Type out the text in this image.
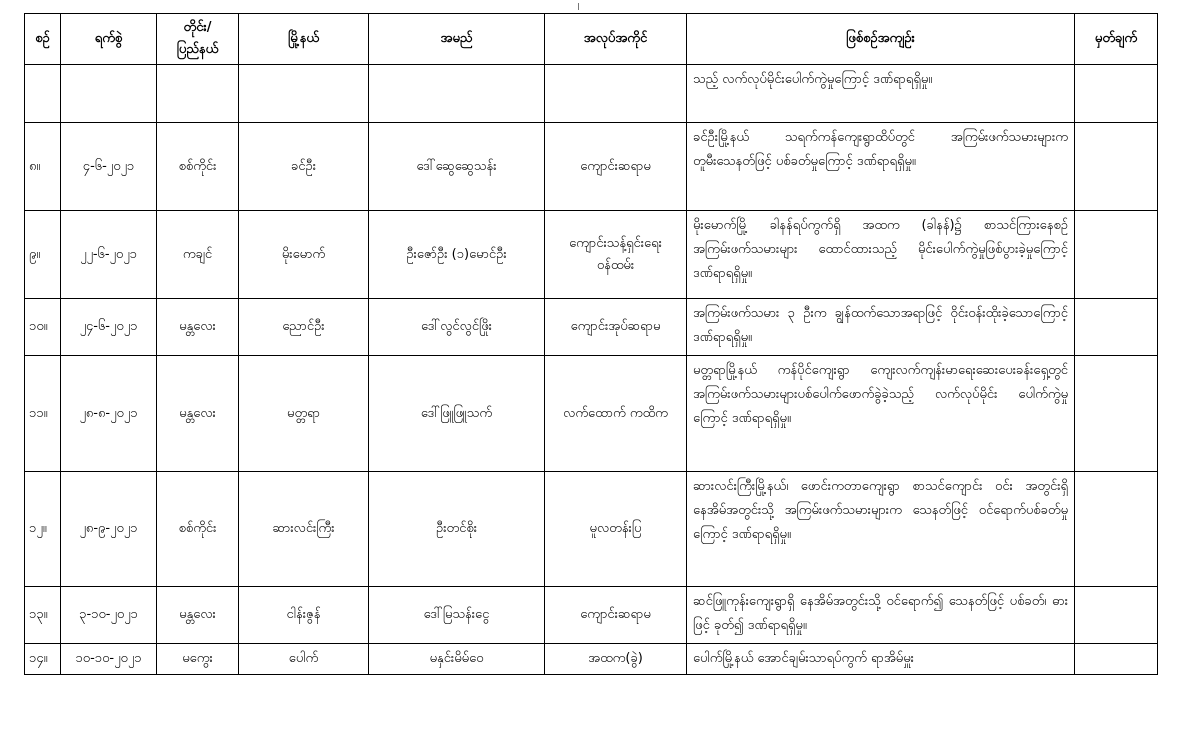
၂
စဉ်	ရက်စွဲ	တိုင်း/ ပြည်နယ်	မြို့နယ်	အမည်	အလုပ်အကိုင်	ဖြစ်စဉ်အကျဉ်း	မှတ်ချက်
						သည့် လက်လုပ်မိုင်းပေါက်ကွဲမှုကြောင့် ဒဏ်ရာရရှိမှု။	
၈။	၄-၆-၂၀၂၁	စစ်ကိုင်း	ခင်ဦး	ဒေါ်ဆွေဆွေသန်း	ကျောင်းဆရာမ	ခင်ဦးမြို့နယ် သရက်ကန်ကျေးရွာထိပ်တွင် အကြမ်းဖက်သမားများက တူမီးသေနတ်ဖြင့် ပစ်ခတ်မှုကြောင့် ဒဏ်ရာရရှိမှု။	
၉။	၂၂-၆-၂၀၂၁	ကချင်	မိုးမောက်	ဦးဇော်ဦး (၁)မောင်ဦး	ကျောင်းသန့်ရှင်းရေး ဝန်ထမ်း	မိုးမောက်မြို့ ခါနန်ရပ်ကွက်ရှိ အထက (ခါနန်)၌ စာသင်ကြားနေစဉ် အကြမ်းဖက်သမားများ ထောင်ထားသည့် မိုင်းပေါက်ကွဲမှုဖြစ်ပွားခဲ့မှုကြောင့် ဒဏ်ရာရရှိမှု။	
၁၀။	၂၄-၆-၂၀၂၁	မန္တလေး	ညောင်ဦး	ဒေါ်လွင်လွင်ဖြိုး	ကျောင်းအုပ်ဆရာမ	အကြမ်းဖက်သမား ၃ ဦးက ချွန်ထက်သောအရာဖြင့် ဝိုင်းဝန်းထိုးခဲ့သောကြောင့် ဒဏ်ရာရရှိမှု။	
၁၁။	၂၈-၈-၂၀၂၁	မန္တလေး	မတ္တရာ	ဒေါ်ဖြူဖြူသက်	လက်ထောက် ကထိက	မတ္တရာမြို့နယ် ကန်ပိုင်ကျေးရွာ ကျေးလက်ကျန်းမာရေးဆေးပေးခန်းရှေ့တွင် အကြမ်းဖက်သမားများပစ်ပေါက်ဖောက်ခွဲခဲ့သည့် လက်လုပ်မိုင်း ပေါက်ကွဲမှုကြောင့် ဒဏ်ရာရရှိမှု။	
၁၂။	၂၈-၉-၂၀၂၁	စစ်ကိုင်း	ဆားလင်းကြီး	ဦးတင်စိုး	မူလတန်းပြ	ဆားလင်းကြီးမြို့နယ်၊ ဖောင်းကတာကျေးရွာ စာသင်ကျောင်း ဝင်း အတွင်းရှိ နေအိမ်အတွင်းသို့ အကြမ်းဖက်သမားများက သေနတ်ဖြင့် ဝင်ရောက်ပစ်ခတ်မှုကြောင့် ဒဏ်ရာရရှိမှု။	
၁၃။	၃-၁၀-၂၀၂၁	မန္တလေး	ငါန်းဇွန်	ဒေါ်မြသန်းငွေ	ကျောင်းဆရာမ	ဆင်ဖြူကုန်းကျေးရွာရှိ နေအိမ်အတွင်းသို့ ဝင်ရောက်၍ သေနတ်ဖြင့် ပစ်ခတ်၊ ဓားဖြင့် ခုတ်၍ ဒဏ်ရာရရှိမှု။	
၁၄။	၁၀-၁၀-၂၀၂၁	မကွေး	ပေါက်	မနှင်းမိမ်ဝေ	အထက(ခွဲ)	ပေါက်မြို့နယ် အောင်ချမ်းသာရပ်ကွက် ရာအိမ်မှူး	
